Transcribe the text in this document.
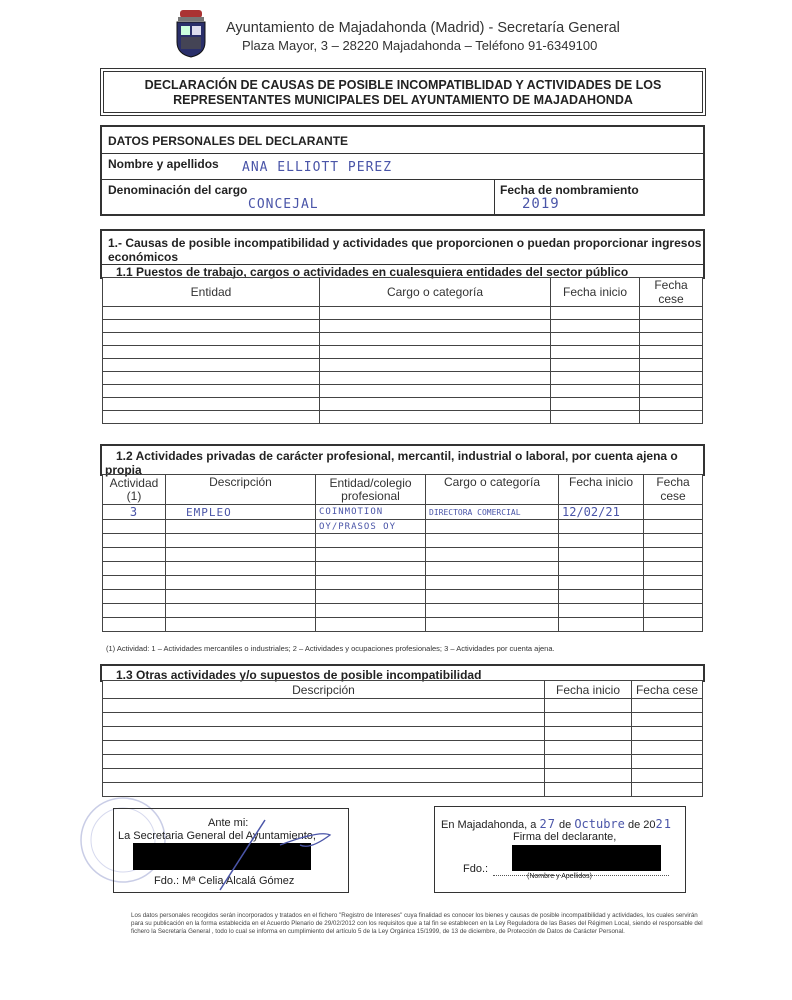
Ayuntamiento de Majadahonda (Madrid) - Secretaría General
Plaza Mayor, 3 – 28220 Majadahonda – Teléfono 91-6349100
DECLARACIÓN DE CAUSAS DE POSIBLE INCOMPATIBLIDAD Y ACTIVIDADES DE LOS
REPRESENTANTES MUNICIPALES DEL AYUNTAMIENTO DE MAJADAHONDA
DATOS PERSONALES DEL DECLARANTE
Nombre y apellidos ANA ELLIOTT PEREZ
Denominación del cargo
CONCEJAL
Fecha de nombramiento
2019
1.- Causas de posible incompatibilidad y actividades que proporcionen o puedan proporcionar ingresos
económicos
1.1 Puestos de trabajo, cargos o actividades en cualesquiera entidades del sector público
Entidad	Cargo o categoría	Fecha inicio	Fecha cese

1.2 Actividades privadas de carácter profesional, mercantil, industrial o laboral, por cuenta ajena o
propia
Actividad (1)	Descripción	Entidad/colegio profesional	Cargo o categoría	Fecha inicio	Fecha cese
3	EMPLEO	COINMOTION	DIRECTORA COMERCIAL	12/02/21	
		OY/PRASOS OY			

(1) Actividad: 1 – Actividades mercantiles o industriales; 2 – Actividades y ocupaciones profesionales; 3 – Actividades por cuenta ajena.
1.3 Otras actividades y/o supuestos de posible incompatibilidad
Descripción	Fecha inicio	Fecha cese

Ante mi:
La Secretaria General del Ayuntamiento,
Fdo.: Mª Celia Alcalá Gómez
En Majadahonda, a 27 de Octubre de 2021
Firma del declarante,
Fdo.:
(Nombre y Apellidos)
Los datos personales recogidos serán incorporados y tratados en el fichero "Registro de Intereses" cuya finalidad es conocer los bienes y causas de posible incompatibilidad y actividades, los cuales servirán para su publicación en la forma establecida en el Acuerdo Plenario de 29/02/2012 con los requisitos que a tal fin se establecen en la Ley Reguladora de las Bases del Régimen Local, siendo el responsable del fichero la Secretaría General , todo lo cual se informa en cumplimiento del artículo 5 de la Ley Orgánica 15/1999, de 13 de diciembre, de Protección de Datos de Carácter Personal.
